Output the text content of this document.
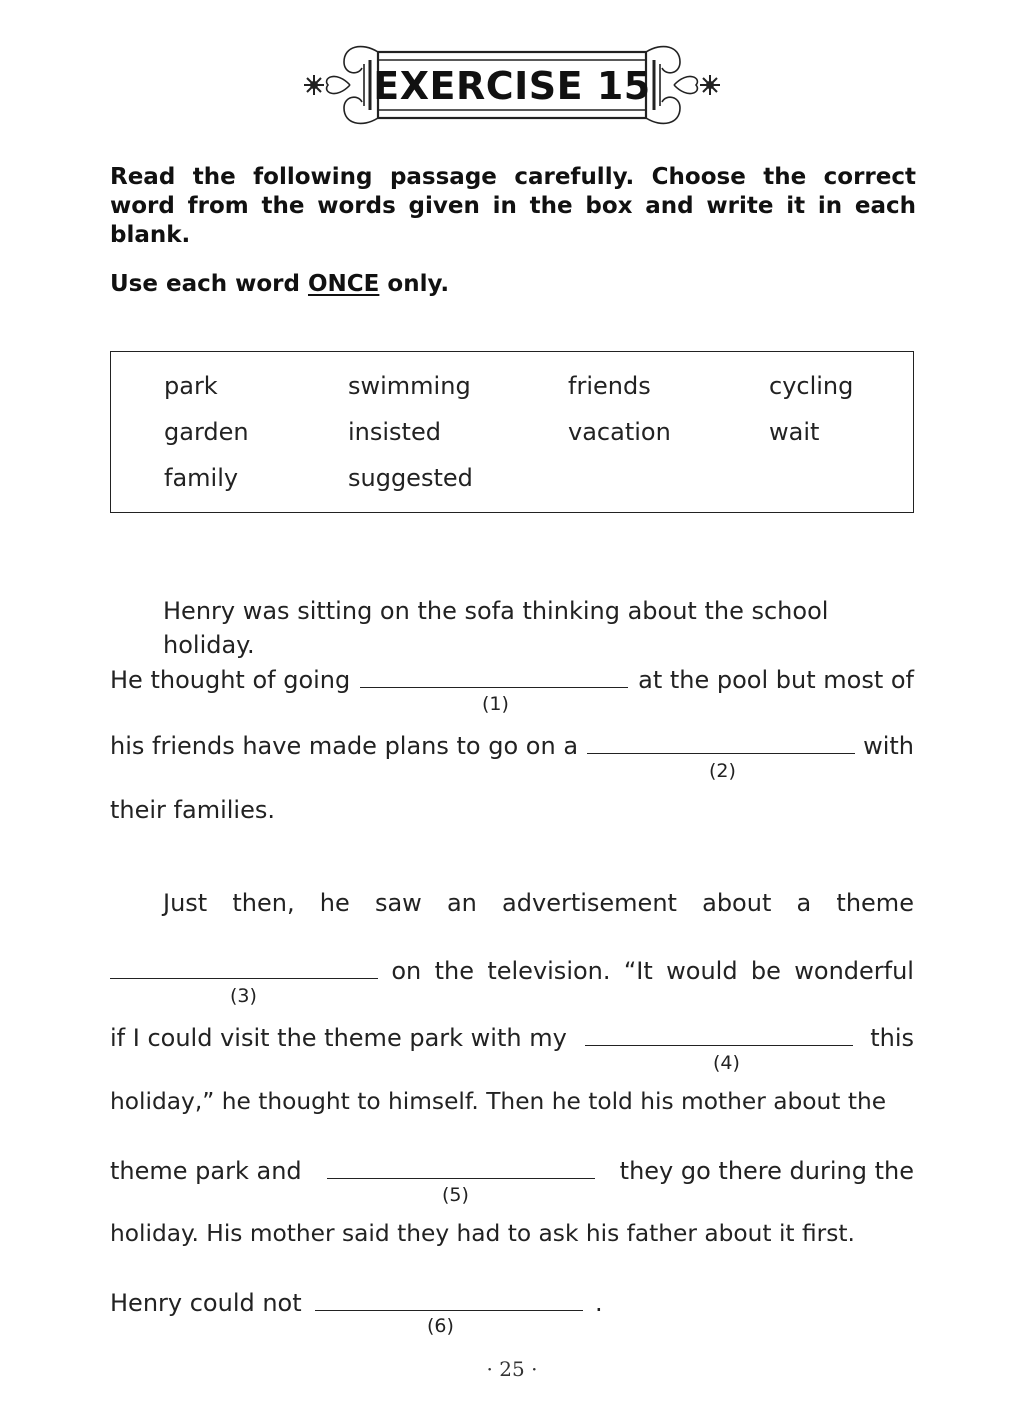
EXERCISE 15
Read the following passage carefully. Choose the correct word from the words given in the box and write it in each blank.
Use each word ONCE only.
park	swimming	friends	cycling
garden	insisted	vacation	wait
family	suggested
Henry was sitting on the sofa thinking about the school holiday.
He thought of going	at the pool but most of
(1)
his friends have made plans to go on a	with
(2)
their families.
Just then, he saw an advertisement about a theme
on the television. “It would be wonderful
(3)
if I could visit the theme park with my	this
(4)
holiday,” he thought to himself. Then he told his mother about the
theme park and	they go there during the
(5)
holiday. His mother said they had to ask his father about it first.
Henry could not	.
(6)
· 25 ·
